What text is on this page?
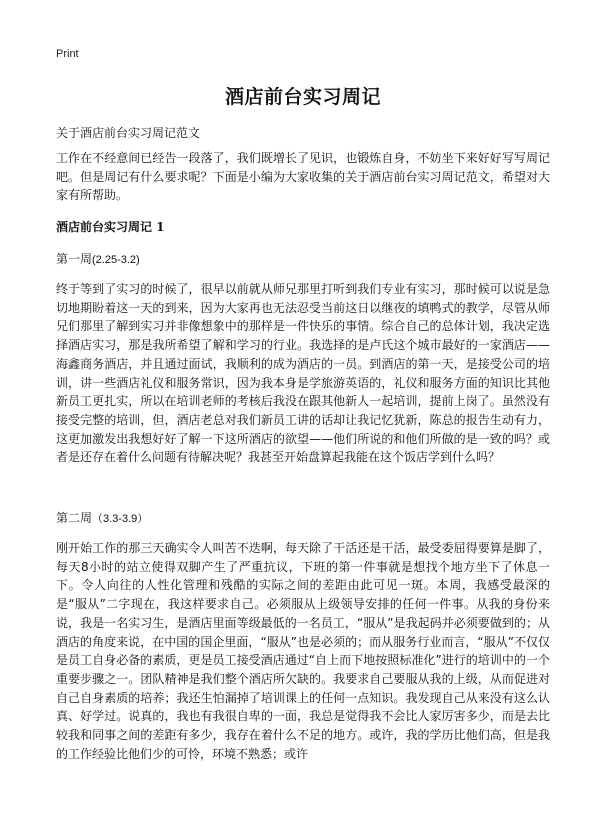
Print
酒店前台实习周记
关于酒店前台实习周记范文
工作在不经意间已经告一段落了，我们既增长了见识，也锻炼自身，不妨坐下来好好写写周记吧。但是周记有什么要求呢？下面是小编为大家收集的关于酒店前台实习周记范文，希望对大家有所帮助。
酒店前台实习周记 1
第一周(2.25-3.2)
终于等到了实习的时候了，很早以前就从师兄那里打听到我们专业有实习，那时候可以说是急切地期盼着这一天的到来，因为大家再也无法忍受当前这日以继夜的填鸭式的教学，尽管从师兄们那里了解到实习并非像想象中的那样是一件快乐的事情。综合自己的总体计划，我决定选择酒店实习，那是我所希望了解和学习的行业。我选择的是卢氏这个城市最好的一家酒店——海鑫商务酒店，并且通过面试，我顺利的成为酒店的一员。到酒店的第一天，是接受公司的培训，讲一些酒店礼仪和服务常识，因为我本身是学旅游英语的，礼仪和服务方面的知识比其他新员工更扎实，所以在培训老师的考核后我没在跟其他新人一起培训，提前上岗了。虽然没有接受完整的培训，但，酒店老总对我们新员工讲的话却让我记忆犹新，陈总的报告生动有力，这更加激发出我想好好了解一下这所酒店的欲望——他们所说的和他们所做的是一致的吗？或者是还存在着什么问题有待解决呢？我甚至开始盘算起我能在这个饭店学到什么吗？
第二周（3.3-3.9）
刚开始工作的那三天确实令人叫苦不迭啊，每天除了干活还是干活，最受委屈得要算是脚了，每天8小时的站立使得双脚产生了严重抗议，下班的第一件事就是想找个地方坐下了休息一下。令人向往的人性化管理和残酷的实际之间的差距由此可见一斑。本周，我感受最深的是“服从”二字现在，我这样要求自己。必须服从上级领导安排的任何一件事。从我的身份来说，我是一名实习生，是酒店里面等级最低的一名员工，“服从”是我起码并必须要做到的；从酒店的角度来说，在中国的国企里面，“服从”也是必须的；而从服务行业而言，“服从”不仅仅是员工自身必备的素质，更是员工接受酒店通过“自上而下地按照标准化”进行的培训中的一个重要步骤之一。团队精神是我们整个酒店所欠缺的。我要求自己要服从我的上级，从而促进对自己自身素质的培养；我还生怕漏掉了培训课上的任何一点知识。我发现自己从来没有这么认真、好学过。说真的，我也有我很自卑的一面，我总是觉得我不会比人家厉害多少，而是去比较我和同事之间的差距有多少，我存在着什么不足的地方。或许，我的学历比他们高，但是我的工作经验比他们少的可怜，环境不熟悉；或许
